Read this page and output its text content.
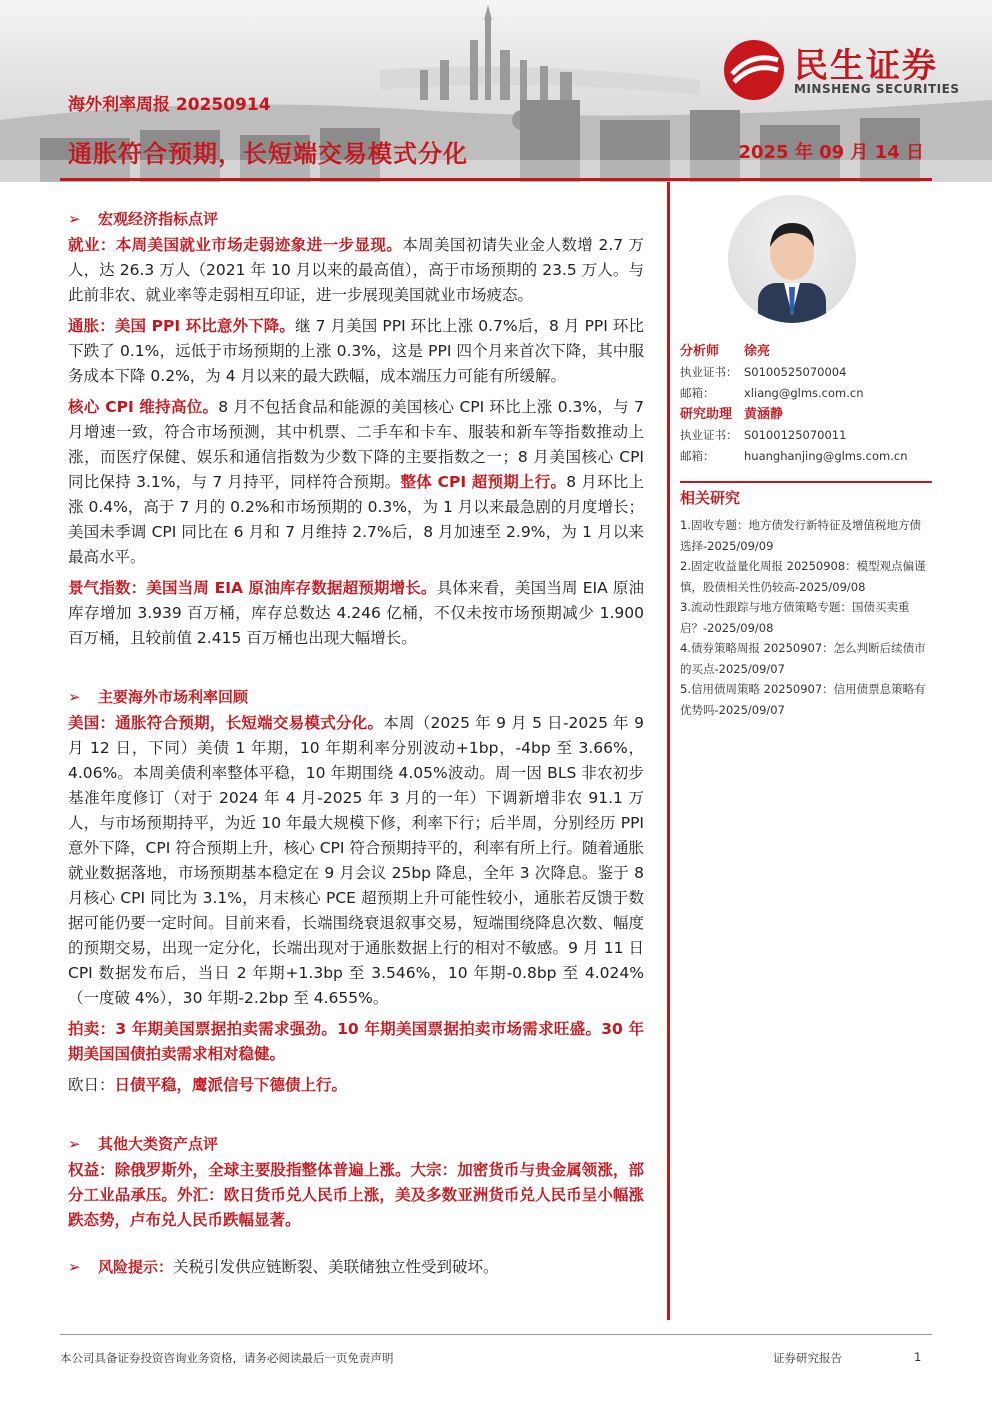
海外利率周报 20250914
通胀符合预期，长短端交易模式分化	2025 年 09 月 14 日
民生证券
MINSHENG SECURITIES
➢ 宏观经济指标点评

就业：本周美国就业市场走弱迹象进一步显现。本周美国初请失业金人数增 2.7 万人，达 26.3 万人（2021 年 10 月以来的最高值），高于市场预期的 23.5 万人。与此前非农、就业率等走弱相互印证，进一步展现美国就业市场疲态。

通胀：美国 PPI 环比意外下降。继 7 月美国 PPI 环比上涨 0.7%后，8 月 PPI 环比下跌了 0.1%，远低于市场预期的上涨 0.3%，这是 PPI 四个月来首次下降，其中服务成本下降 0.2%，为 4 月以来的最大跌幅，成本端压力可能有所缓解。

核心 CPI 维持高位。8 月不包括食品和能源的美国核心 CPI 环比上涨 0.3%，与 7 月增速一致，符合市场预测，其中机票、二手车和卡车、服装和新车等指数推动上涨，而医疗保健、娱乐和通信指数为少数下降的主要指数之一；8 月美国核心 CPI 同比保持 3.1%，与 7 月持平，同样符合预期。整体 CPI 超预期上行。8 月环比上涨 0.4%，高于 7 月的 0.2%和市场预期的 0.3%，为 1 月以来最急剧的月度增长；美国未季调 CPI 同比在 6 月和 7 月维持 2.7%后，8 月加速至 2.9%，为 1 月以来最高水平。

景气指数：美国当周 EIA 原油库存数据超预期增长。具体来看，美国当周 EIA 原油库存增加 3.939 百万桶，库存总数达 4.246 亿桶，不仅未按市场预期减少 1.900 百万桶，且较前值 2.415 百万桶也出现大幅增长。

➢ 主要海外市场利率回顾

美国：通胀符合预期，长短端交易模式分化。本周（2025 年 9 月 5 日-2025 年 9 月 12 日，下同）美债 1 年期，10 年期利率分别波动+1bp，-4bp 至 3.66%，4.06%。本周美债利率整体平稳，10 年期围绕 4.05%波动。周一因 BLS 非农初步基准年度修订（对于 2024 年 4 月-2025 年 3 月的一年）下调新增非农 91.1 万人，与市场预期持平，为近 10 年最大规模下修，利率下行；后半周，分别经历 PPI 意外下降，CPI 符合预期上升，核心 CPI 符合预期持平的，利率有所上行。随着通胀就业数据落地，市场预期基本稳定在 9 月会议 25bp 降息，全年 3 次降息。鉴于 8 月核心 CPI 同比为 3.1%，月末核心 PCE 超预期上升可能性较小，通胀若反馈于数据可能仍要一定时间。目前来看，长端围绕衰退叙事交易，短端围绕降息次数、幅度的预期交易，出现一定分化，长端出现对于通胀数据上行的相对不敏感。9 月 11 日 CPI 数据发布后，当日 2 年期+1.3bp 至 3.546%，10 年期-0.8bp 至 4.024%（一度破 4%），30 年期-2.2bp 至 4.655%。

拍卖：3 年期美国票据拍卖需求强劲。10 年期美国票据拍卖市场需求旺盛。30 年期美国国债拍卖需求相对稳健。

欧日：日债平稳，鹰派信号下德债上行。

➢ 其他大类资产点评

权益：除俄罗斯外，全球主要股指整体普遍上涨。大宗：加密货币与贵金属领涨，部分工业品承压。外汇：欧日货币兑人民币上涨，美及多数亚洲货币兑人民币呈小幅涨跌态势，卢布兑人民币跌幅显著。

➢ 风险提示：关税引发供应链断裂、美联储独立性受到破坏。
分析师 徐亮
执业证书： S0100525070004
邮箱：	xliang@glms.com.cn
研究助理 黄涵静
执业证书： S0100125070011
邮箱：	huanghanjing@glms.com.cn
相关研究
1.固收专题：地方债发行新特征及增值税地方债选择-2025/09/09
2.固定收益量化周报 20250908：模型观点偏谨慎，股债相关性仍较高-2025/09/08
3.流动性跟踪与地方债策略专题：国债买卖重启？-2025/09/08
4.债券策略周报 20250907：怎么判断后续债市的买点-2025/09/07
5.信用债周策略 20250907：信用债票息策略有优势吗-2025/09/07
本公司具备证券投资咨询业务资格，请务必阅读最后一页免责声明	证券研究报告	1
